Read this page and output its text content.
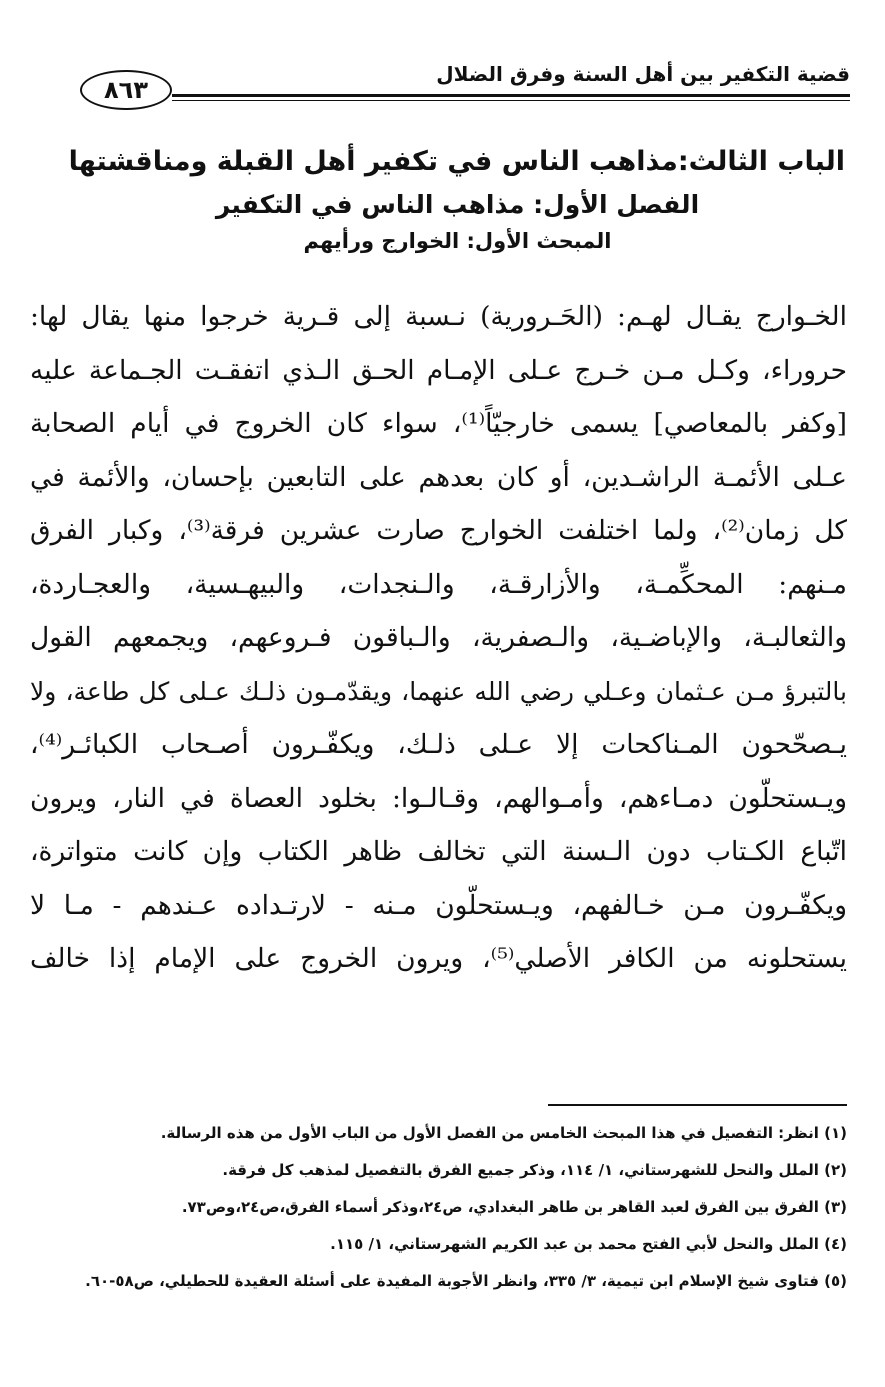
قضية التكفير بين أهل السنة وفرق الضلال
٨٦٣
الباب الثالث:مذاهب الناس في تكفير أهل القبلة ومناقشتها
الفصل الأول: مذاهب الناس في التكفير
المبحث الأول: الخوارج ورأيهم
الخـوارج يقـال لهـم: (الحَـرورية) نـسبة إلى قـرية خرجوا منها يقال لها:
حروراء، وكـل مـن خـرج عـلى الإمـام الحـق الـذي اتفقـت الجـماعة عليه
[وكفر بالمعاصي] يسمى خارجيّاً⁽¹⁾، سواء كان الخروج في أيام الصحابة
عـلى الأئمـة الراشـدين، أو كان بعدهم على التابعين بإحسان، والأئمة في
كل زمان⁽²⁾، ولما اختلفت الخوارج صارت عشرين فرقة⁽³⁾، وكبار الفرق
مـنهم: المحكِّمـة، والأزارقـة، والـنجدات، والبيهـسية، والعجـاردة،
والثعالبـة، والإباضـية، والـصفرية، والـباقون فـروعهم، ويجمعهم القول
بالتبرؤ مـن عـثمان وعـلي رضي الله عنهما، ويقدّمـون ذلـك عـلى كل طاعة، ولا
يـصحّحون المـناكحات إلا عـلى ذلـك، ويكفّـرون أصـحاب الكبائـر⁽⁴⁾،
ويـستحلّون دمـاءهم، وأمـوالهم، وقـالـوا: بخلود العصاة في النار، ويرون
اتّباع الكـتاب دون الـسنة التي تخالف ظاهر الكتاب وإن كانت متواترة،
ويكفّـرون مـن خـالفهم، ويـستحلّون مـنه - لارتـداده عـندهم - مـا لا
يستحلونه من الكافر الأصلي⁽⁵⁾، ويرون الخروج على الإمام إذا خالف
(١) انظر: التفصيل في هذا المبحث الخامس من الفصل الأول من الباب الأول من هذه الرسالة.
(٢) الملل والنحل للشهرستاني، ١/ ١١٤، وذكر جميع الفرق بالتفصيل لمذهب كل فرقة.
(٣) الفرق بين الفرق لعبد القاهر بن طاهر البغدادي، ص٢٤،وذكر أسماء الفرق،ص٢٤،وص٧٣.
(٤) الملل والنحل لأبي الفتح محمد بن عبد الكريم الشهرستاني، ١/ ١١٥.
(٥) فتاوى شيخ الإسلام ابن تيمية، ٣/ ٣٣٥، وانظر الأجوبة المفيدة على أسئلة العقيدة للحطيلي، ص٥٨-٦٠.
